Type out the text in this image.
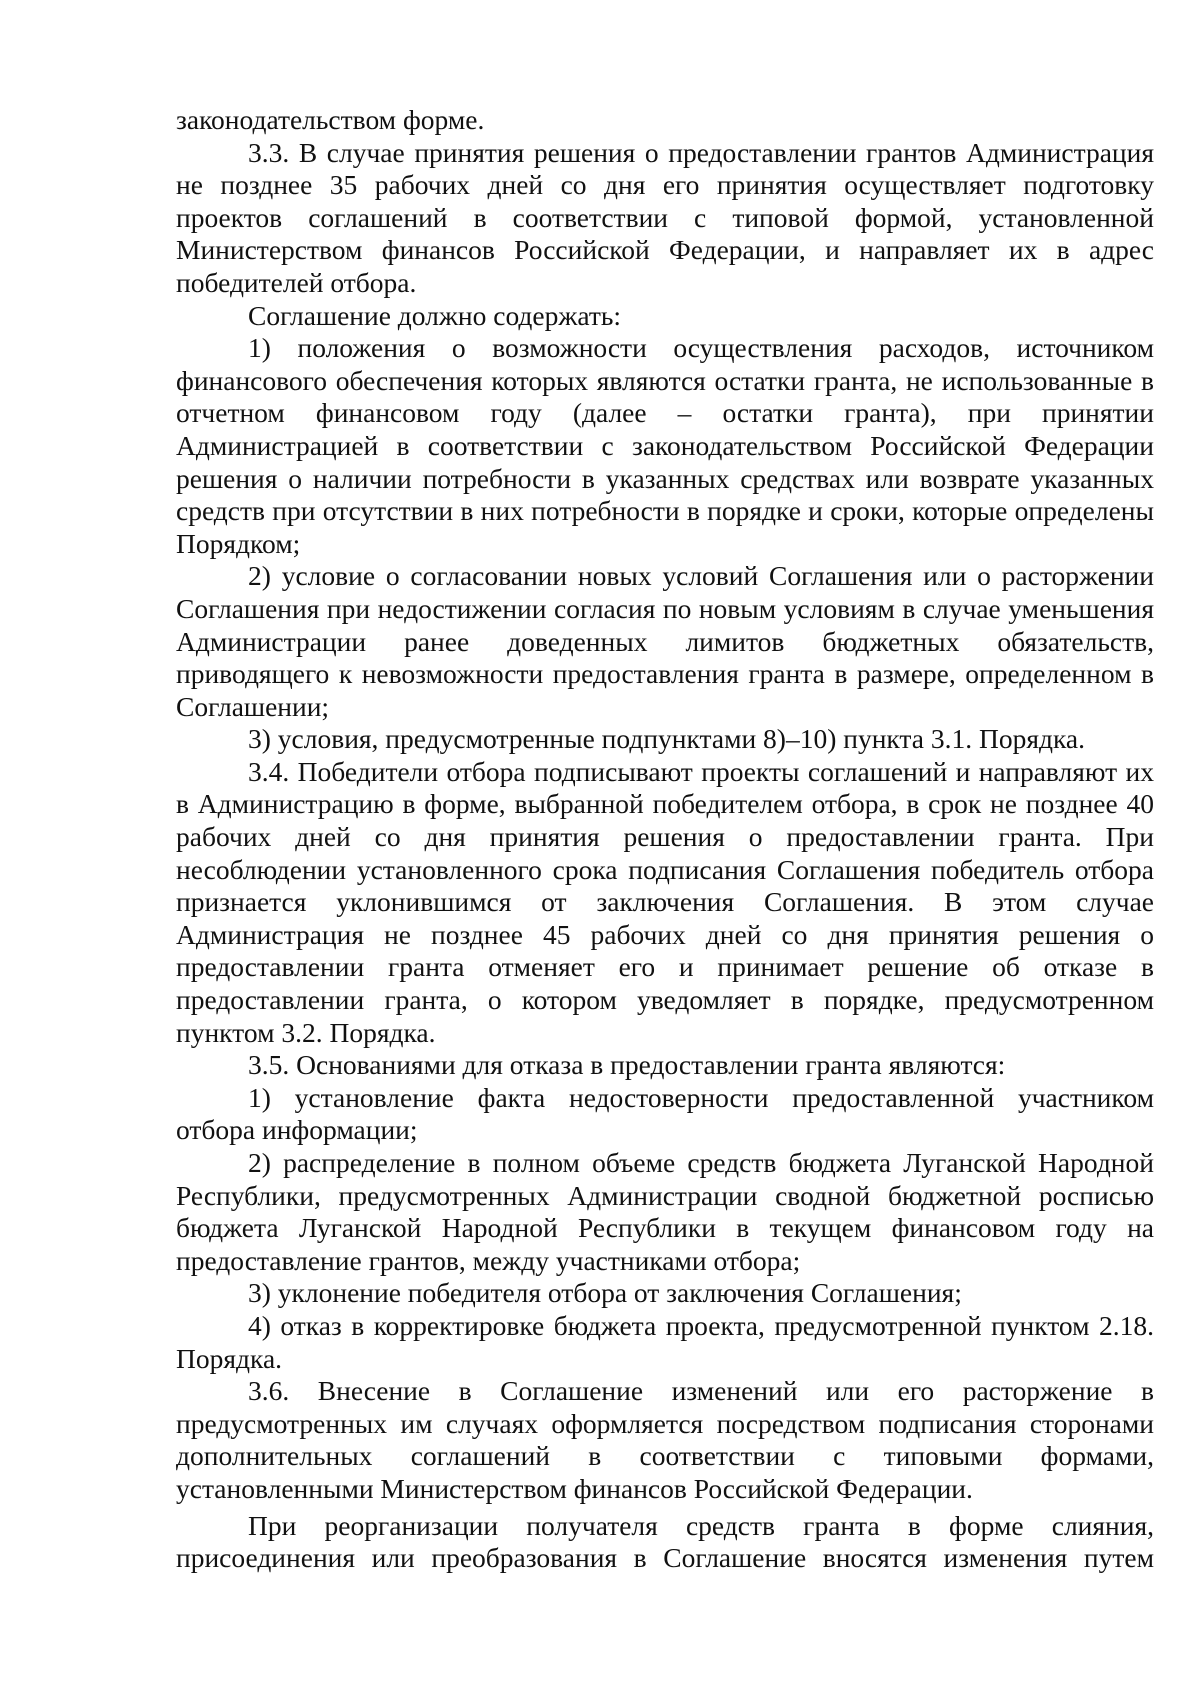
законодательством форме.

3.3. В случае принятия решения о предоставлении грантов Администрация не позднее 35 рабочих дней со дня его принятия осуществляет подготовку проектов соглашений в соответствии с типовой формой, установленной Министерством финансов Российской Федерации, и направляет их в адрес победителей отбора.

Соглашение должно содержать:

1) положения о возможности осуществления расходов, источником финансового обеспечения которых являются остатки гранта, не использованные в отчетном финансовом году (далее – остатки гранта), при принятии Администрацией в соответствии с законодательством Российской Федерации решения о наличии потребности в указанных средствах или возврате указанных средств при отсутствии в них потребности в порядке и сроки, которые определены Порядком;

2) условие о согласовании новых условий Соглашения или о расторжении Соглашения при недостижении согласия по новым условиям в случае уменьшения Администрации ранее доведенных лимитов бюджетных обязательств, приводящего к невозможности предоставления гранта в размере, определенном в Соглашении;

3) условия, предусмотренные подпунктами 8)–10) пункта 3.1. Порядка.

3.4. Победители отбора подписывают проекты соглашений и направляют их в Администрацию в форме, выбранной победителем отбора, в срок не позднее 40 рабочих дней со дня принятия решения о предоставлении гранта. При несоблюдении установленного срока подписания Соглашения победитель отбора признается уклонившимся от заключения Соглашения. В этом случае Администрация не позднее 45 рабочих дней со дня принятия решения о предоставлении гранта отменяет его и принимает решение об отказе в предоставлении гранта, о котором уведомляет в порядке, предусмотренном пунктом 3.2. Порядка.

3.5. Основаниями для отказа в предоставлении гранта являются:

1) установление факта недостоверности предоставленной участником отбора информации;

2) распределение в полном объеме средств бюджета Луганской Народной Республики, предусмотренных Администрации сводной бюджетной росписью бюджета Луганской Народной Республики в текущем финансовом году на предоставление грантов, между участниками отбора;

3) уклонение победителя отбора от заключения Соглашения;

4) отказ в корректировке бюджета проекта, предусмотренной пунктом 2.18. Порядка.

3.6. Внесение в Соглашение изменений или его расторжение в предусмотренных им случаях оформляется посредством подписания сторонами дополнительных соглашений в соответствии с типовыми формами, установленными Министерством финансов Российской Федерации.

При реорганизации получателя средств гранта в форме слияния, присоединения или преобразования в Соглашение вносятся изменения путем
